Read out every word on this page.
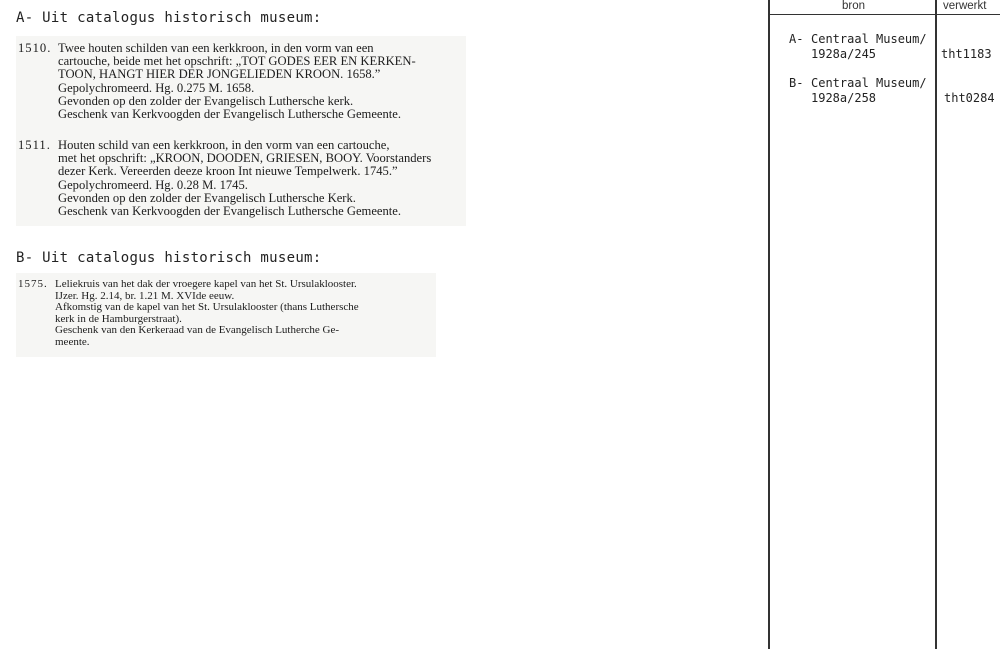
A- Uit catalogus historisch museum:
1510. Twee houten schilden van een kerkkroon, in den vorm van een
cartouche, beide met het opschrift: „TOT GODES EER EN KERKEN-
TOON, HANGT HIER DER JONGELIEDEN KROON. 1658.”
Gepolychromeerd. Hg. 0.275 M. 1658.
Gevonden op den zolder der Evangelisch Luthersche kerk.
Geschenk van Kerkvoogden der Evangelisch Luthersche Gemeente.
1511. Houten schild van een kerkkroon, in den vorm van een cartouche,
met het opschrift: „KROON, DOODEN, GRIESEN, BOOY. Voorstanders
dezer Kerk. Vereerden deeze kroon Int nieuwe Tempelwerk. 1745.”
Gepolychromeerd. Hg. 0.28 M. 1745.
Gevonden op den zolder der Evangelisch Luthersche Kerk.
Geschenk van Kerkvoogden der Evangelisch Luthersche Gemeente.
B- Uit catalogus historisch museum:
1575. Leliekruis van het dak der vroegere kapel van het St. Ursulaklooster.
IJzer. Hg. 2.14, br. 1.21 M. XVIde eeuw.
Afkomstig van de kapel van het St. Ursulaklooster (thans Luthersche
kerk in de Hamburgerstraat).
Geschenk van den Kerkeraad van de Evangelisch Lutherche Ge-
meente.
bron	verwerkt
A- Centraal Museum/
1928a/245	tht1183
B- Centraal Museum/
1928a/258	tht0284
